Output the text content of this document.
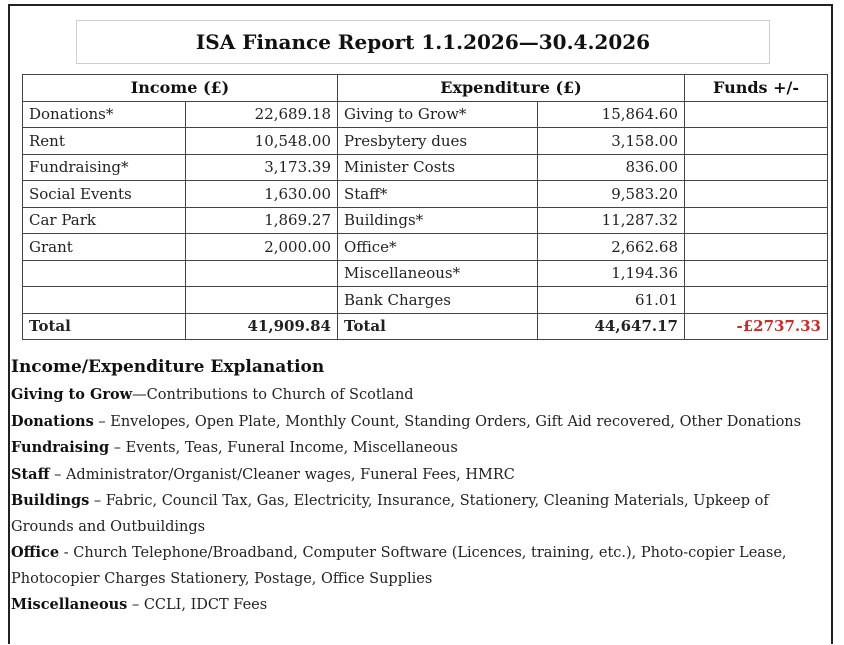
ISA Finance Report 1.1.2026—30.4.2026
Income (£)		Expenditure (£)		Funds +/-
Donations*	22,689.18	Giving to Grow*	15,864.60	
Rent	10,548.00	Presbytery dues	3,158.00	
Fundraising*	3,173.39	Minister Costs	836.00	
Social Events	1,630.00	Staff*	9,583.20	
Car Park	1,869.27	Buildings*	11,287.32	
Grant	2,000.00	Office*	2,662.68	
		Miscellaneous*	1,194.36	
		Bank Charges	61.01	
Total	41,909.84	Total	44,647.17	-£2737.33
Income/Expenditure Explanation

Giving to Grow—Contributions to Church of Scotland

Donations – Envelopes, Open Plate, Monthly Count, Standing Orders, Gift Aid recovered, Other Donations

Fundraising – Events, Teas, Funeral Income, Miscellaneous

Staff – Administrator/Organist/Cleaner wages, Funeral Fees, HMRC

Buildings – Fabric, Council Tax, Gas, Electricity, Insurance, Stationery, Cleaning Materials, Upkeep of Grounds and Outbuildings

Office - Church Telephone/Broadband, Computer Software (Licences, training, etc.), Photo-copier Lease, Photocopier Charges Stationery, Postage, Office Supplies

Miscellaneous – CCLI, IDCT Fees
